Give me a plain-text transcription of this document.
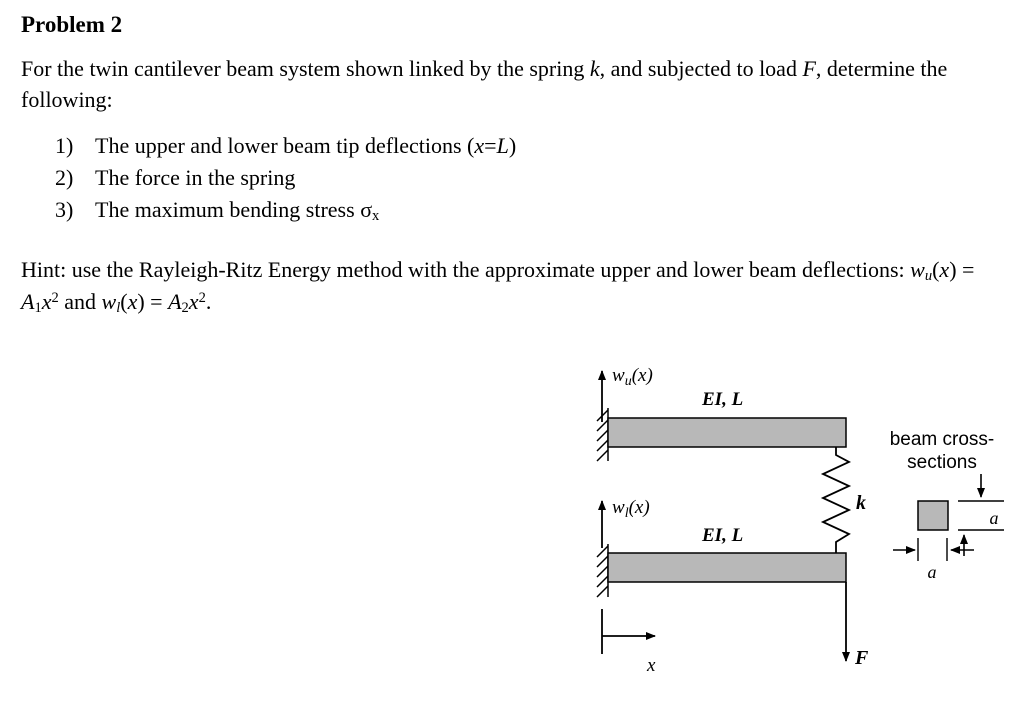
Problem 2

For the twin cantilever beam system shown linked by the spring k, and subjected to load F, determine the following:

1) The upper and lower beam tip deflections (x=L)
2) The force in the spring
3) The maximum bending stress $\sigma_x$

Hint: use the Rayleigh-Ritz Energy method with the approximate upper and lower beam deflections: $w_u(x) = A_1x^2$ and $w_l(x) = A_2x^2$.

$w_u(x)$
EI, L
k
$w_l(x)$
EI, L
F
x
beam cross-
sections
a
a
